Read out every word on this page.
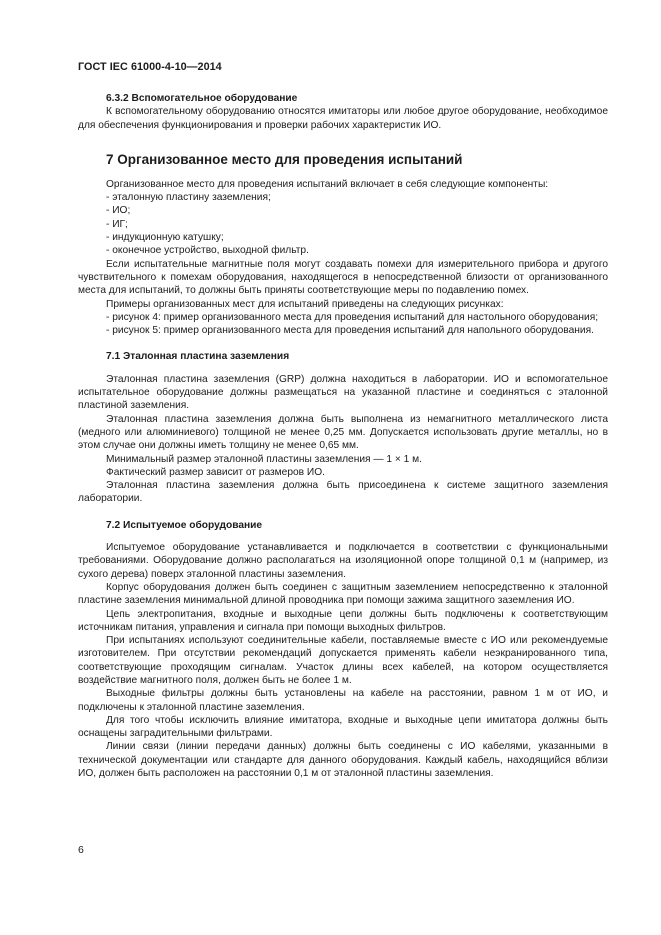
ГОСТ IEC 61000-4-10—2014
6.3.2 Вспомогательное оборудование

К вспомогательному оборудованию относятся имитаторы или любое другое оборудование, необходимое для обеспечения функционирования и проверки рабочих характеристик ИО.

7 Организованное место для проведения испытаний

Организованное место для проведения испытаний включает в себя следующие компоненты:

- эталонную пластину заземления;

- ИО;

- ИГ;

- индукционную катушку;

- оконечное устройство, выходной фильтр.

Если испытательные магнитные поля могут создавать помехи для измерительного прибора и другого чувствительного к помехам оборудования, находящегося в непосредственной близости от организованного места для испытаний, то должны быть приняты соответствующие меры по подавлению помех.

Примеры организованных мест для испытаний приведены на следующих рисунках:

- рисунок 4: пример организованного места для проведения испытаний для настольного оборудования;

- рисунок 5: пример организованного места для проведения испытаний для напольного оборудования.

7.1 Эталонная пластина заземления

Эталонная пластина заземления (GRP) должна находиться в лаборатории. ИО и вспомогательное испытательное оборудование должны размещаться на указанной пластине и соединяться с эталонной пластиной заземления.

Эталонная пластина заземления должна быть выполнена из немагнитного металлического листа (медного или алюминиевого) толщиной не менее 0,25 мм. Допускается использовать другие металлы, но в этом случае они должны иметь толщину не менее 0,65 мм.

Минимальный размер эталонной пластины заземления — 1 × 1 м.

Фактический размер зависит от размеров ИО.

Эталонная пластина заземления должна быть присоединена к системе защитного заземления лаборатории.

7.2 Испытуемое оборудование

Испытуемое оборудование устанавливается и подключается в соответствии с функциональными требованиями. Оборудование должно располагаться на изоляционной опоре толщиной 0,1 м (например, из сухого дерева) поверх эталонной пластины заземления.

Корпус оборудования должен быть соединен с защитным заземлением непосредственно к эталонной пластине заземления минимальной длиной проводника при помощи зажима защитного заземления ИО.

Цепь электропитания, входные и выходные цепи должны быть подключены к соответствующим источникам питания, управления и сигнала при помощи выходных фильтров.

При испытаниях используют соединительные кабели, поставляемые вместе с ИО или рекомендуемые изготовителем. При отсутствии рекомендаций допускается применять кабели неэкранированного типа, соответствующие проходящим сигналам. Участок длины всех кабелей, на котором осуществляется воздействие магнитного поля, должен быть не более 1 м.

Выходные фильтры должны быть установлены на кабеле на расстоянии, равном 1 м от ИО, и подключены к эталонной пластине заземления.

Для того чтобы исключить влияние имитатора, входные и выходные цепи имитатора должны быть оснащены заградительными фильтрами.

Линии связи (линии передачи данных) должны быть соединены с ИО кабелями, указанными в технической документации или стандарте для данного оборудования. Каждый кабель, находящийся вблизи ИО, должен быть расположен на расстоянии 0,1 м от эталонной пластины заземления.

6
